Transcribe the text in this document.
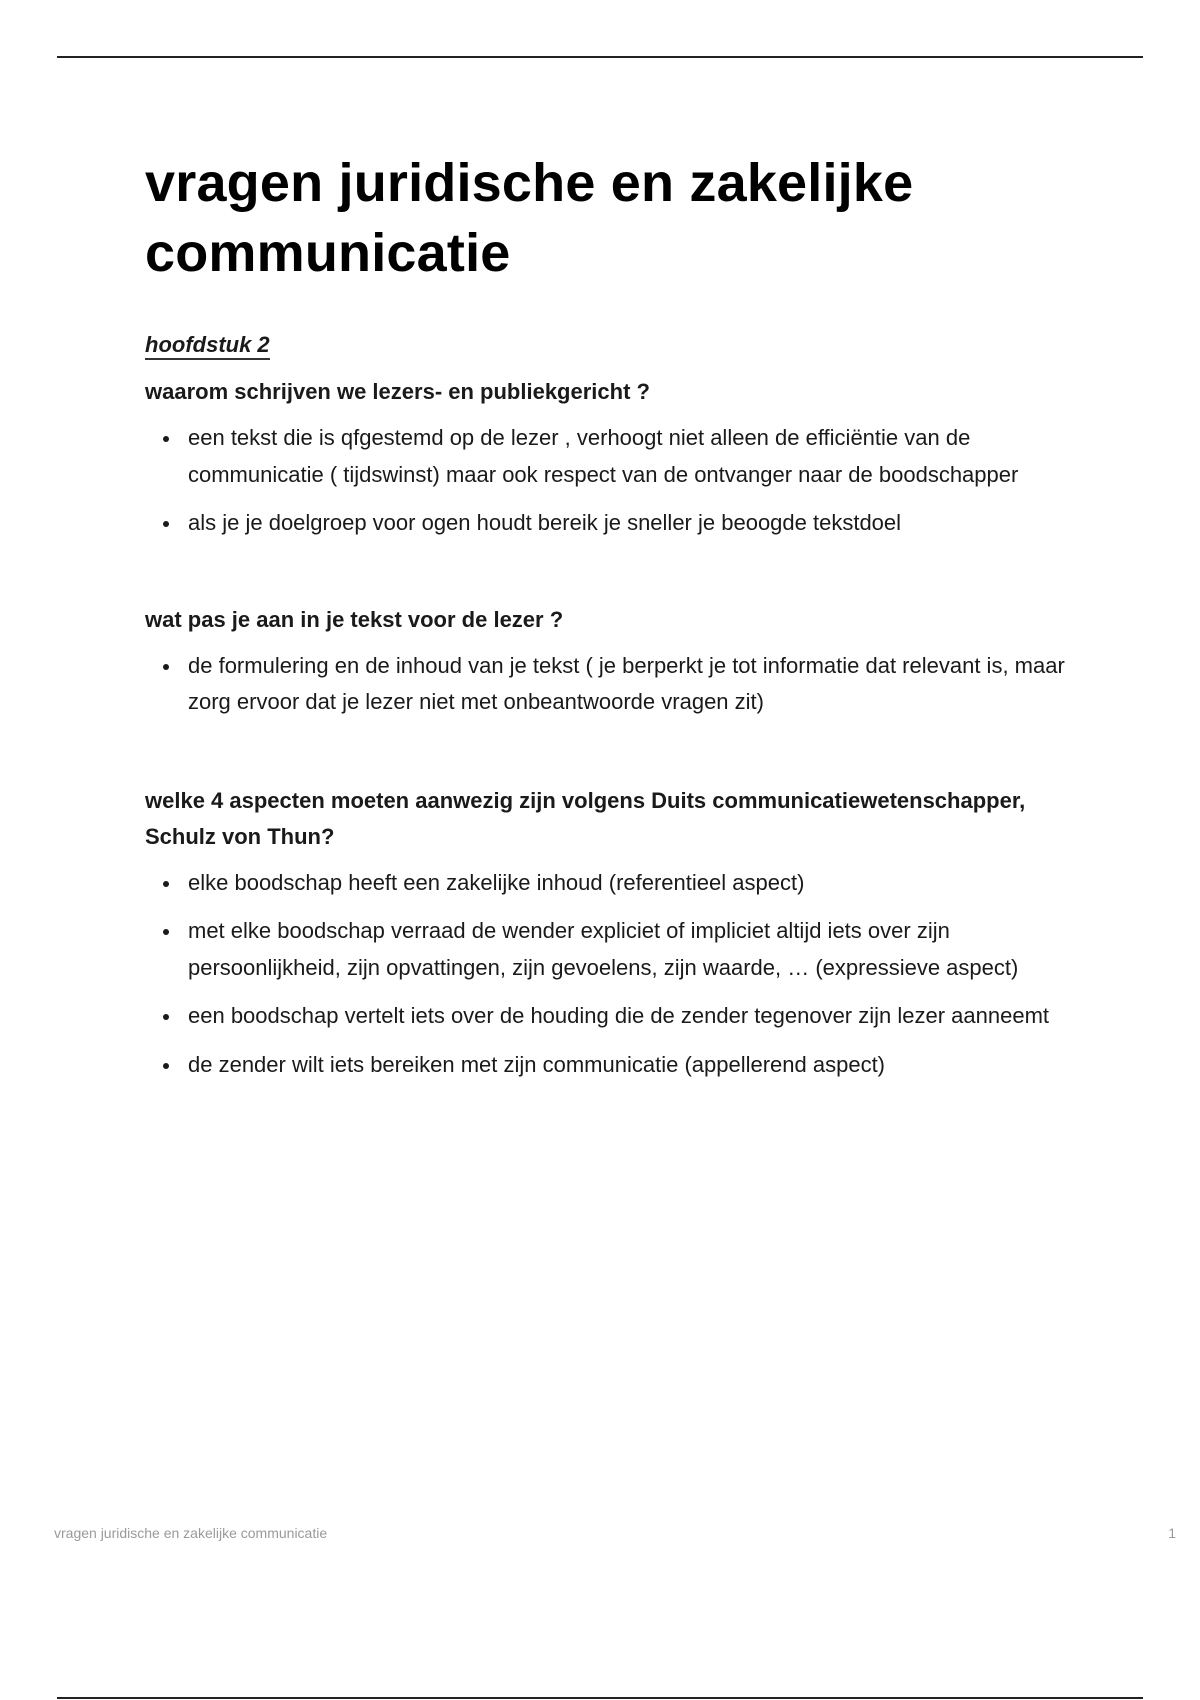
vragen juridische en zakelijke communicatie

hoofdstuk 2

waarom schrijven we lezers- en publiekgericht ?

een tekst die is qfgestemd op de lezer , verhoogt niet alleen de efficiëntie van de communicatie ( tijdswinst) maar ook respect van de ontvanger naar de boodschapper
als je je doelgroep voor ogen houdt bereik je sneller je beoogde tekstdoel

wat pas je aan in je tekst voor de lezer ?

de formulering en de inhoud van je tekst ( je berperkt je tot informatie dat relevant is, maar zorg ervoor dat je lezer niet met onbeantwoorde vragen zit)

welke 4 aspecten moeten aanwezig zijn volgens Duits communicatiewetenschapper, Schulz von Thun?

elke boodschap heeft een zakelijke inhoud (referentieel aspect)
met elke boodschap verraad de wender expliciet of impliciet altijd iets over zijn persoonlijkheid, zijn opvattingen, zijn gevoelens, zijn waarde, … (expressieve aspect)
een boodschap vertelt iets over de houding die de zender tegenover zijn lezer aanneemt
de zender wilt iets bereiken met zijn communicatie (appellerend aspect)
vragen juridische en zakelijke communicatie	1
